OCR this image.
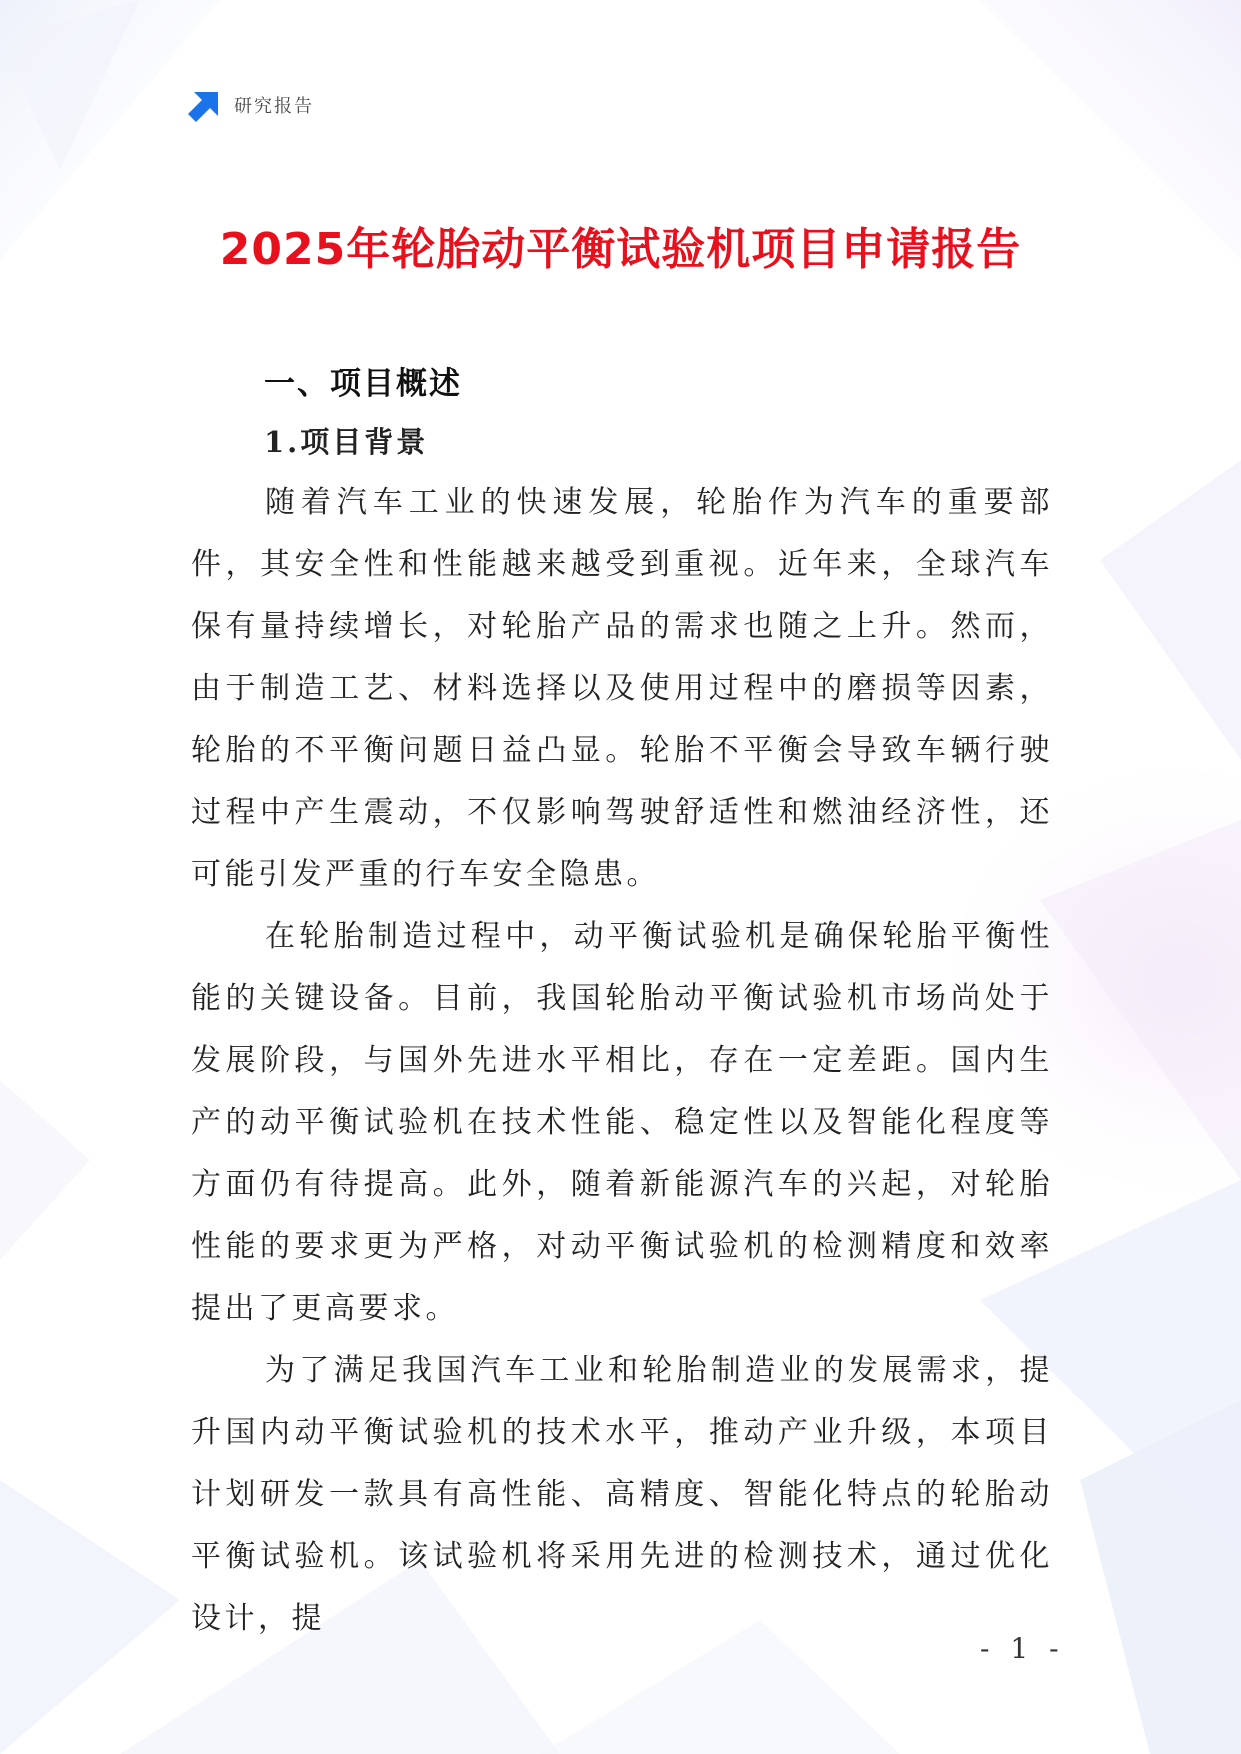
研究报告
2025年轮胎动平衡试验机项目申请报告
一、项目概述
1.项目背景

随着汽车工业的快速发展，轮胎作为汽车的重要部件，其安全性和性能越来越受到重视。近年来，全球汽车保有量持续增长，对轮胎产品的需求也随之上升。然而，由于制造工艺、材料选择以及使用过程中的磨损等因素，轮胎的不平衡问题日益凸显。轮胎不平衡会导致车辆行驶过程中产生震动，不仅影响驾驶舒适性和燃油经济性，还可能引发严重的行车安全隐患。

在轮胎制造过程中，动平衡试验机是确保轮胎平衡性能的关键设备。目前，我国轮胎动平衡试验机市场尚处于发展阶段，与国外先进水平相比，存在一定差距。国内生产的动平衡试验机在技术性能、稳定性以及智能化程度等方面仍有待提高。此外，随着新能源汽车的兴起，对轮胎性能的要求更为严格，对动平衡试验机的检测精度和效率提出了更高要求。

为了满足我国汽车工业和轮胎制造业的发展需求，提升国内动平衡试验机的技术水平，推动产业升级，本项目计划研发一款具有高性能、高精度、智能化特点的轮胎动平衡试验机。该试验机将采用先进的检测技术，通过优化设计，提

- 1 -
